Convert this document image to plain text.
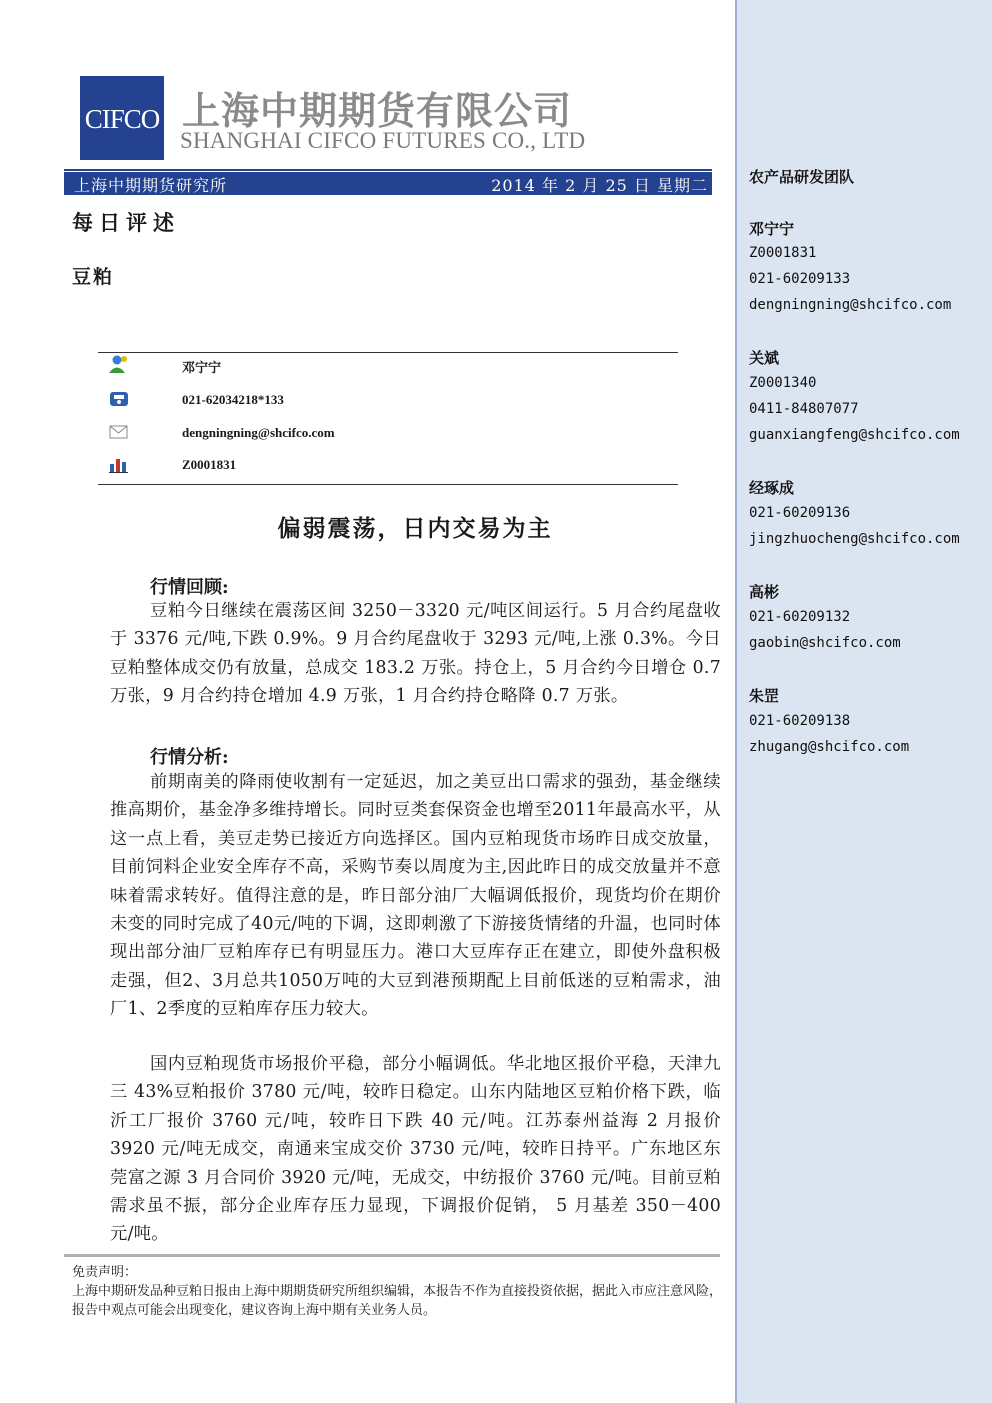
CIFCO 上海中期期货有限公司
SHANGHAI CIFCO FUTURES CO., LTD
上海中期期货研究所	2014 年 2 月 25 日 星期二
每日评述
豆粕
邓宁宁
021-62034218*133
dengningning@shcifco.com
Z0001831
偏弱震荡，日内交易为主
行情回顾:
豆粕今日继续在震荡区间 3250－3320 元/吨区间运行。5 月合约尾盘收于 3376 元/吨,下跌 0.9%。9 月合约尾盘收于 3293 元/吨,上涨 0.3%。今日豆粕整体成交仍有放量，总成交 183.2 万张。持仓上，5 月合约今日增仓 0.7 万张，9 月合约持仓增加 4.9 万张，1 月合约持仓略降 0.7 万张。
行情分析:
前期南美的降雨使收割有一定延迟，加之美豆出口需求的强劲，基金继续推高期价，基金净多维持增长。同时豆类套保资金也增至2011年最高水平，从这一点上看，美豆走势已接近方向选择区。国内豆粕现货市场昨日成交放量，目前饲料企业安全库存不高，采购节奏以周度为主,因此昨日的成交放量并不意味着需求转好。值得注意的是，昨日部分油厂大幅调低报价，现货均价在期价未变的同时完成了40元/吨的下调，这即刺激了下游接货情绪的升温，也同时体现出部分油厂豆粕库存已有明显压力。港口大豆库存正在建立，即使外盘积极走强，但2、3月总共1050万吨的大豆到港预期配上目前低迷的豆粕需求，油厂1、2季度的豆粕库存压力较大。
国内豆粕现货市场报价平稳，部分小幅调低。华北地区报价平稳，天津九三 43%豆粕报价 3780 元/吨，较昨日稳定。山东内陆地区豆粕价格下跌，临沂工厂报价 3760 元/吨，较昨日下跌 40 元/吨。江苏泰州益海 2 月报价 3920 元/吨无成交，南通来宝成交价 3730 元/吨，较昨日持平。广东地区东莞富之源 3 月合同价 3920 元/吨，无成交，中纺报价 3760 元/吨。目前豆粕需求虽不振，部分企业库存压力显现，下调报价促销， 5 月基差 350－400 元/吨。
免责声明：
上海中期研发品种豆粕日报由上海中期期货研究所组织编辑，本报告不作为直接投资依据，据此入市应注意风险，报告中观点可能会出现变化，建议咨询上海中期有关业务人员。
农产品研发团队
邓宁宁
Z0001831
021-60209133
dengningning@shcifco.com
关斌
Z0001340
0411-84807077
guanxiangfeng@shcifco.com
经琢成
021-60209136
jingzhuocheng@shcifco.com
高彬
021-60209132
gaobin@shcifco.com
朱罡
021-60209138
zhugang@shcifco.com
